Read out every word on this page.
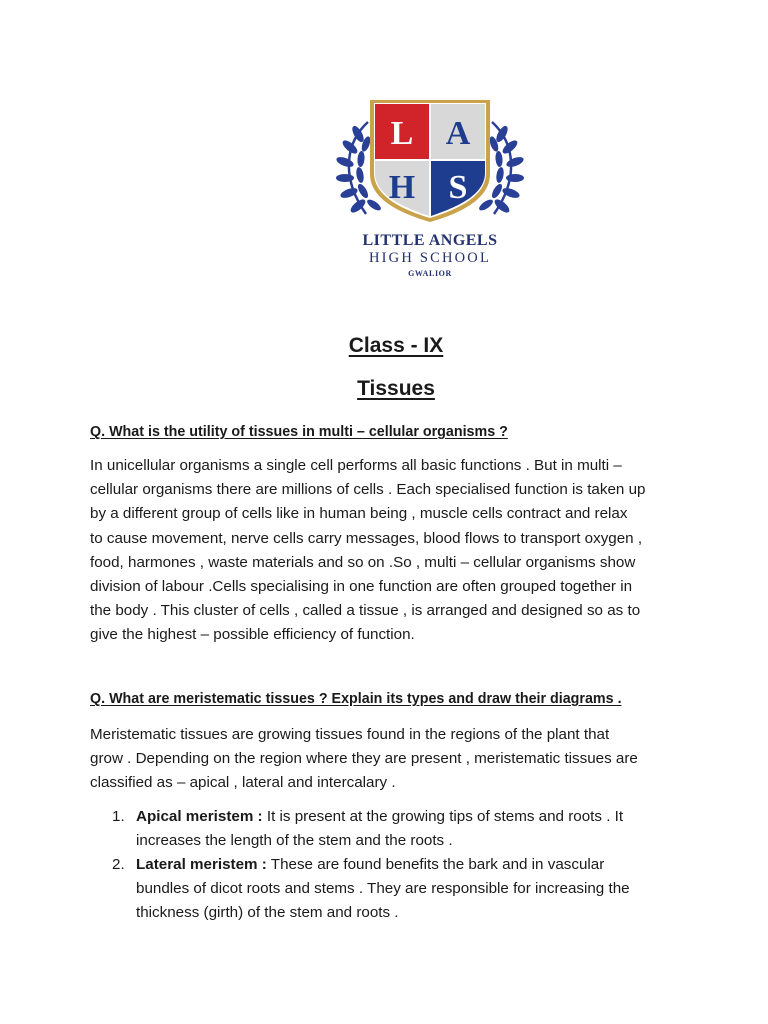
L A
H S
LITTLE ANGELS
HIGH SCHOOL
GWALIOR
Class - IX
Tissues
Q. What is the utility of tissues in multi – cellular organisms ?
In unicellular organisms a single cell performs all basic functions . But in multi –
cellular organisms there are millions of cells . Each specialised function is taken up
by a different group of cells like in human being , muscle cells contract and relax
to cause movement, nerve cells carry messages, blood flows to transport oxygen ,
food, harmones , waste materials and so on .So , multi – cellular organisms show
division of labour .Cells specialising in one function are often grouped together in
the body . This cluster of cells , called a tissue , is arranged and designed so as to
give the highest – possible efficiency of function.
Q. What are meristematic tissues ? Explain its types and draw their diagrams .
Meristematic tissues are growing tissues found in the regions of the plant that
grow . Depending on the region where they are present , meristematic tissues are
classified as – apical , lateral and intercalary .
1. Apical meristem : It is present at the growing tips of stems and roots . It
increases the length of the stem and the roots .
2. Lateral meristem : These are found benefits the bark and in vascular
bundles of dicot roots and stems . They are responsible for increasing the
thickness (girth) of the stem and roots .
